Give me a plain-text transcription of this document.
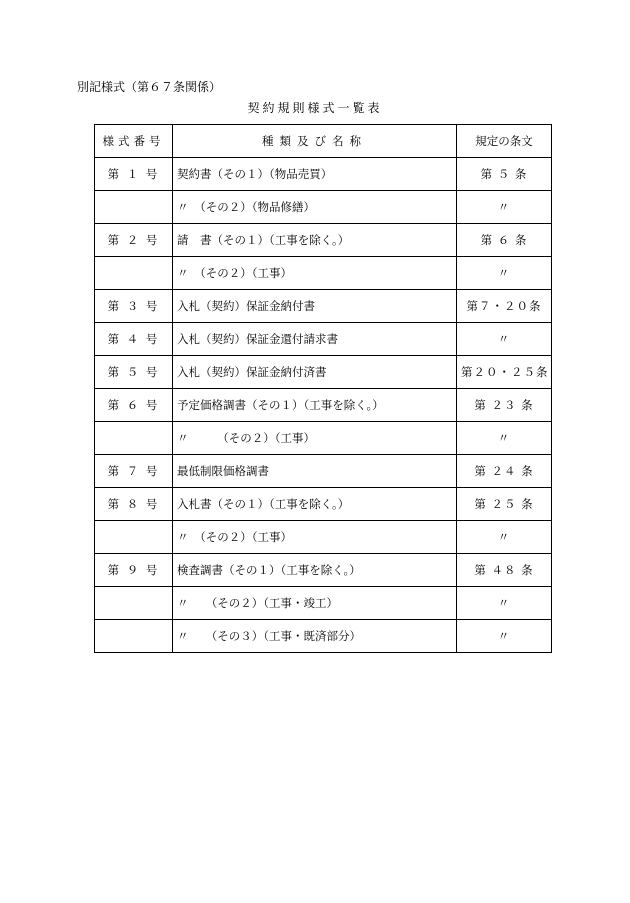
別記様式（第６７条関係）
契約規則様式一覧表
様式番号	種類及び名称	規定の条文
第 １ 号	契約書（その１）（物品売買）	第 ５ 条
	〃　（その２）（物品修繕）	〃
第 ２ 号	請　書（その１）（工事を除く。）	第 ６ 条
	〃　（その２）（工事）	〃
第 ３ 号	入札（契約）保証金納付書	第７・２０条
第 ４ 号	入札（契約）保証金還付請求書	〃
第 ５ 号	入札（契約）保証金納付済書	第２０・２５条
第 ６ 号	予定価格調書（その１）（工事を除く。）	第 ２３ 条
	〃　　　（その２）（工事）	〃
第 ７ 号	最低制限価格調書	第 ２４ 条
第 ８ 号	入札書（その１）（工事を除く。）	第 ２５ 条
	〃　（その２）（工事）	〃
第 ９ 号	検査調書（その１）（工事を除く。）	第 ４８ 条
	〃　　（その２）（工事・竣工）	〃
	〃　　（その３）（工事・既済部分）	〃
